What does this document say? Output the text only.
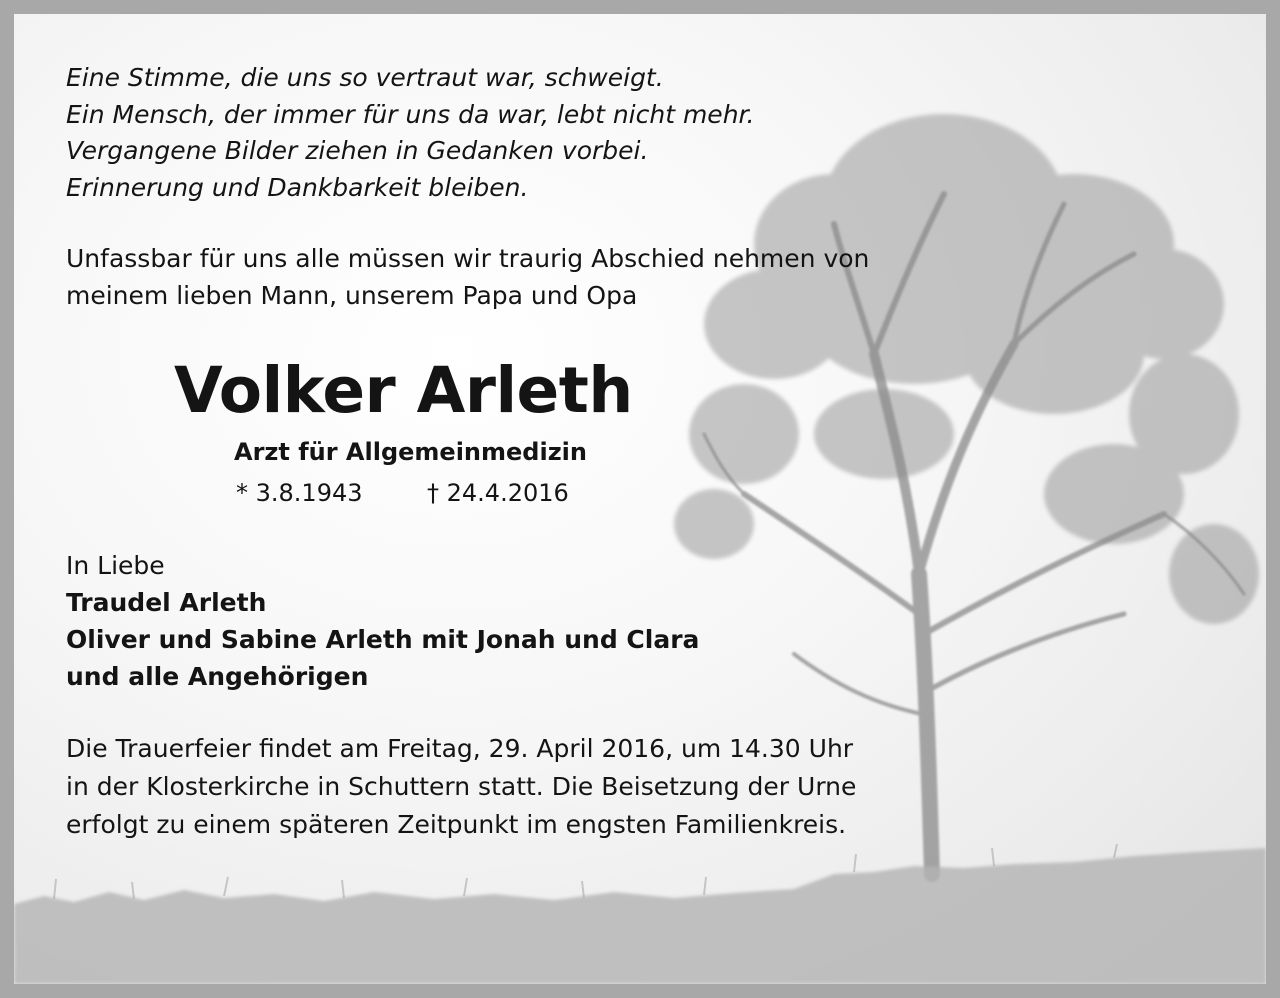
Eine Stimme, die uns so vertraut war, schweigt.
Ein Mensch, der immer für uns da war, lebt nicht mehr.
Vergangene Bilder ziehen in Gedanken vorbei.
Erinnerung und Dankbarkeit bleiben.
Unfassbar für uns alle müssen wir traurig Abschied nehmen von
meinem lieben Mann, unserem Papa und Opa
Volker Arleth
Arzt für Allgemeinmedizin
* 3.8.1943	† 24.4.2016
In Liebe
Traudel Arleth
Oliver und Sabine Arleth mit Jonah und Clara
und alle Angehörigen
Die Trauerfeier findet am Freitag, 29. April 2016, um 14.30 Uhr
in der Klosterkirche in Schuttern statt. Die Beisetzung der Urne
erfolgt zu einem späteren Zeitpunkt im engsten Familienkreis.
